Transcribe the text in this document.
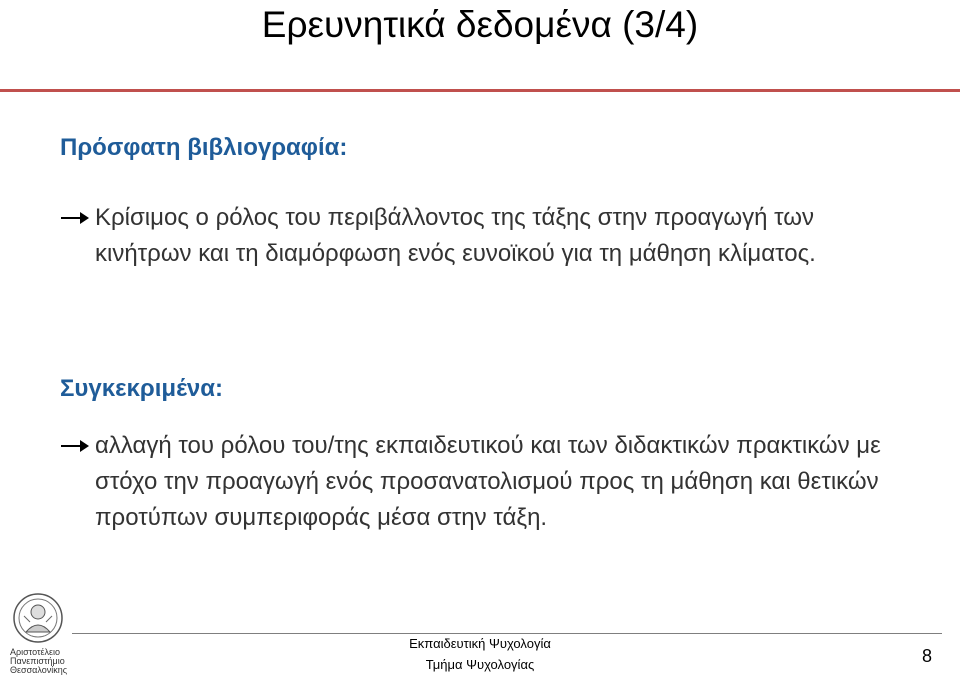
Ερευνητικά δεδομένα (3/4)
Πρόσφατη βιβλιογραφία:
Κρίσιμος ο ρόλος του περιβάλλοντος της τάξης στην προαγωγή των κινήτρων και τη διαμόρφωση ενός ευνοϊκού για τη μάθηση κλίματος.
Συγκεκριμένα:
αλλαγή του ρόλου του/της εκπαιδευτικού και των διδακτικών πρακτικών με στόχο την προαγωγή ενός προσανατολισμού προς τη μάθηση και θετικών προτύπων συμπεριφοράς μέσα στην τάξη.
Αριστοτέλειο
Πανεπιστήμιο
Θεσσαλονίκης
Εκπαιδευτική Ψυχολογία
Τμήμα Ψυχολογίας	8
